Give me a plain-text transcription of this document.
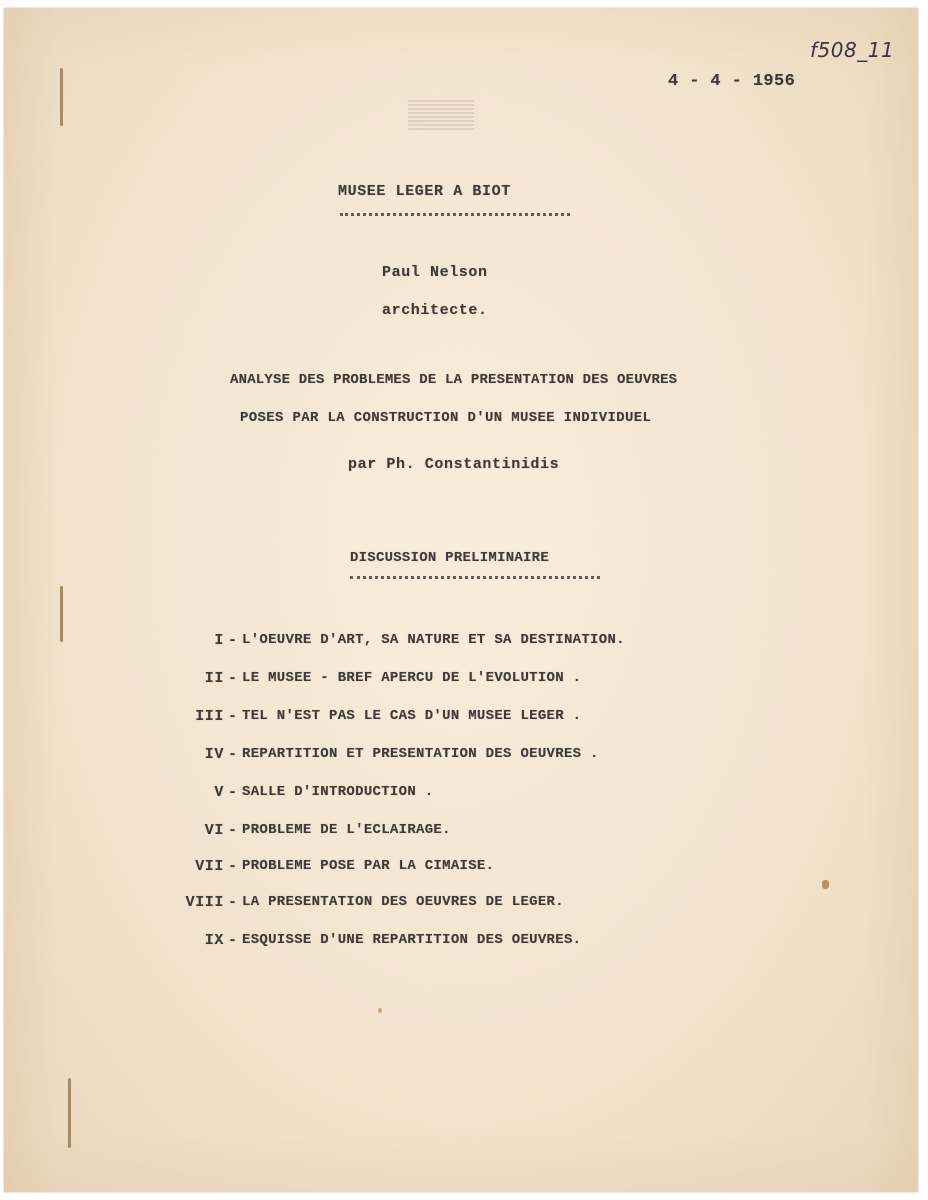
f508_11
4 - 4 - 1956
MUSEE LEGER A BIOT
Paul Nelson
architecte.
ANALYSE DES PROBLEMES DE LA PRESENTATION DES OEUVRES
POSES PAR LA CONSTRUCTION D'UN MUSEE INDIVIDUEL
par Ph. Constantinidis
DISCUSSION PRELIMINAIRE
I - L'OEUVRE D'ART, SA NATURE ET SA DESTINATION.
II - LE MUSEE - BREF APERCU DE L'EVOLUTION .
III - TEL N'EST PAS LE CAS D'UN MUSEE LEGER .
IV - REPARTITION ET PRESENTATION DES OEUVRES .
V - SALLE D'INTRODUCTION .
VI - PROBLEME DE L'ECLAIRAGE.
VII - PROBLEME POSE PAR LA CIMAISE.
VIII - LA PRESENTATION DES OEUVRES DE LEGER.
IX - ESQUISSE D'UNE REPARTITION DES OEUVRES.
